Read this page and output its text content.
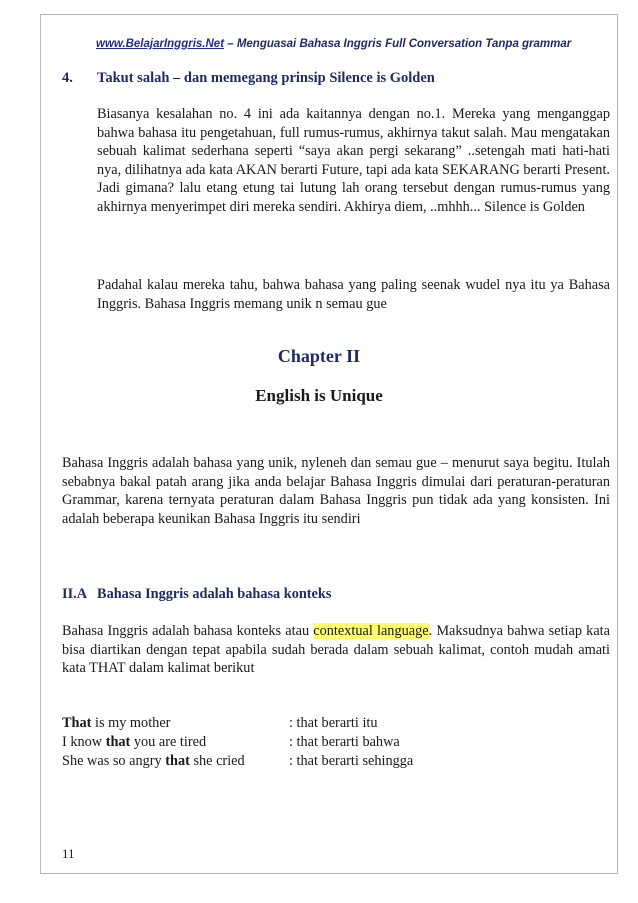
www.BelajarInggris.Net – Menguasai Bahasa Inggris Full Conversation Tanpa grammar
4. Takut salah – dan memegang prinsip Silence is Golden
Biasanya kesalahan no. 4 ini ada kaitannya dengan no.1. Mereka yang menganggap bahwa bahasa itu pengetahuan, full rumus-rumus, akhirnya takut salah. Mau mengatakan sebuah kalimat sederhana seperti “saya akan pergi sekarang” ..setengah mati hati-hati nya, dilihatnya ada kata AKAN berarti Future, tapi ada kata SEKARANG berarti Present. Jadi gimana? lalu etang etung tai lutung lah orang tersebut dengan rumus-rumus yang akhirnya menyerimpet diri mereka sendiri. Akhirya diem, ..mhhh... Silence is Golden
Padahal kalau mereka tahu, bahwa bahasa yang paling seenak wudel nya itu ya Bahasa Inggris. Bahasa Inggris memang unik n semau gue
Chapter II
English is Unique
Bahasa Inggris adalah bahasa yang unik, nyleneh dan semau gue – menurut saya begitu. Itulah sebabnya bakal patah arang jika anda belajar Bahasa Inggris dimulai dari peraturan-peraturan Grammar, karena ternyata peraturan dalam Bahasa Inggris pun tidak ada yang konsisten. Ini adalah beberapa keunikan Bahasa Inggris itu sendiri
II.A Bahasa Inggris adalah bahasa konteks
Bahasa Inggris adalah bahasa konteks atau contextual language. Maksudnya bahwa setiap kata bisa diartikan dengan tepat apabila sudah berada dalam sebuah kalimat, contoh mudah amati kata THAT dalam kalimat berikut
That is my mother	: that berarti itu
I know that you are tired	: that berarti bahwa
She was so angry that she cried	: that berarti sehingga
11
